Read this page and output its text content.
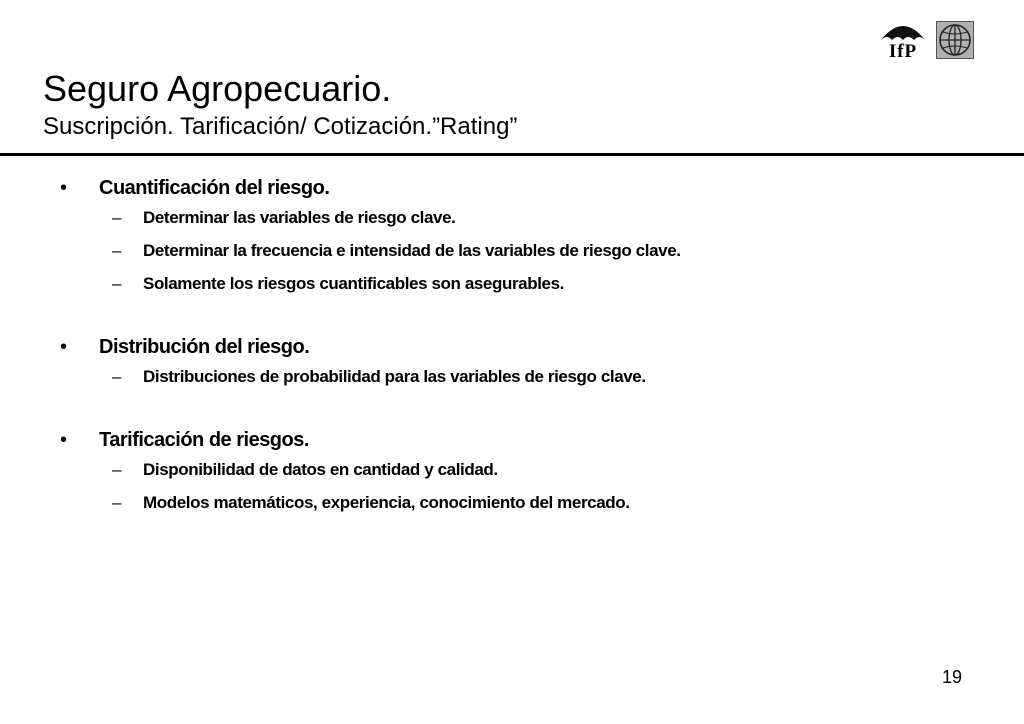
IfP
Seguro Agropecuario.
Suscripción. Tarificación/ Cotización.”Rating”
• Cuantificación del riesgo.
– Determinar las variables de riesgo clave.
– Determinar la frecuencia e intensidad de las variables de riesgo clave.
– Solamente los riesgos cuantificables son asegurables.
• Distribución del riesgo.
– Distribuciones de probabilidad para las variables de riesgo clave.
• Tarificación de riesgos.
– Disponibilidad de datos en cantidad y calidad.
– Modelos matemáticos, experiencia, conocimiento del mercado.
19
